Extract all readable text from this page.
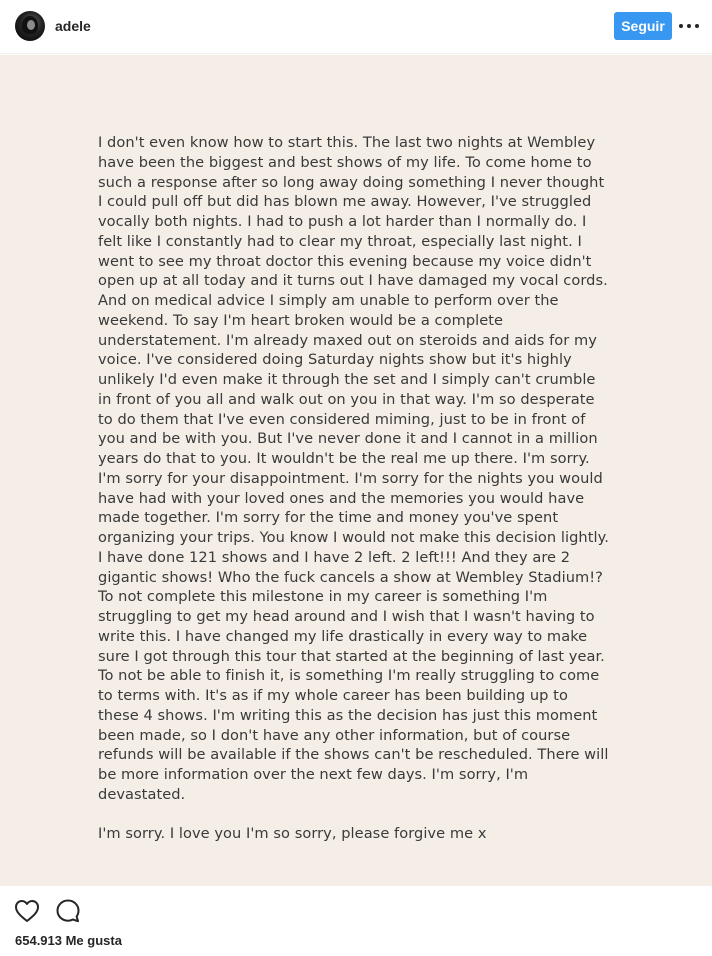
adele	Seguir

I don't even know how to start this. The last two nights at Wembley have been the biggest and best shows of my life. To come home to such a response after so long away doing something I never thought I could pull off but did has blown me away. However, I've struggled vocally both nights. I had to push a lot harder than I normally do. I felt like I constantly had to clear my throat, especially last night. I went to see my throat doctor this evening because my voice didn't open up at all today and it turns out I have damaged my vocal cords. And on medical advice I simply am unable to perform over the weekend. To say I'm heart broken would be a complete understatement. I'm already maxed out on steroids and aids for my voice. I've considered doing Saturday nights show but it's highly unlikely I'd even make it through the set and I simply can't crumble in front of you all and walk out on you in that way. I'm so desperate to do them that I've even considered miming, just to be in front of you and be with you. But I've never done it and I cannot in a million years do that to you. It wouldn't be the real me up there. I'm sorry. I'm sorry for your disappointment. I'm sorry for the nights you would have had with your loved ones and the memories you would have made together. I'm sorry for the time and money you've spent organizing your trips. You know I would not make this decision lightly. I have done 121 shows and I have 2 left. 2 left!!! And they are 2 gigantic shows! Who the fuck cancels a show at Wembley Stadium!? To not complete this milestone in my career is something I'm struggling to get my head around and I wish that I wasn't having to write this. I have changed my life drastically in every way to make sure I got through this tour that started at the beginning of last year. To not be able to finish it, is something I'm really struggling to come to terms with. It's as if my whole career has been building up to these 4 shows. I'm writing this as the decision has just this moment been made, so I don't have any other information, but of course refunds will be available if the shows can't be rescheduled. There will be more information over the next few days. I'm sorry, I'm devastated.

I'm sorry. I love you I'm so sorry, please forgive me x

654.913 Me gusta
